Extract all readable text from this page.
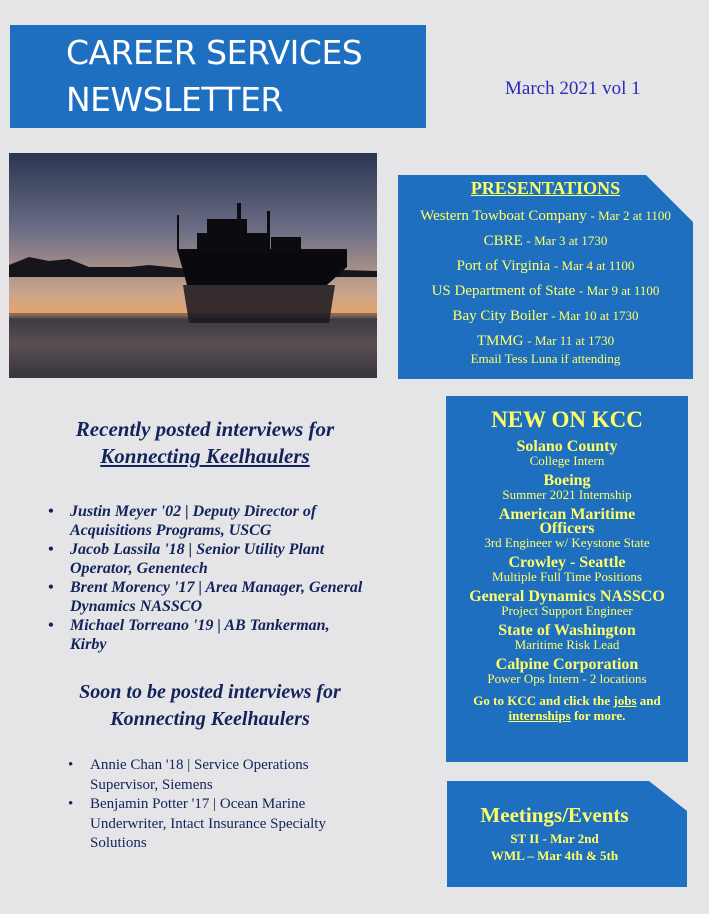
CAREER SERVICES
NEWSLETTER	March 2021 vol 1
PRESENTATIONS
Western Towboat Company - Mar 2 at 1100
CBRE - Mar 3 at 1730
Port of Virginia - Mar 4 at 1100
US Department of State - Mar 9 at 1100
Bay City Boiler - Mar 10 at 1730
TMMG - Mar 11 at 1730
Email Tess Luna if attending
Recently posted interviews for
Konnecting Keelhaulers
• Justin Meyer '02 | Deputy Director of Acquisitions Programs, USCG
• Jacob Lassila '18 | Senior Utility Plant Operator, Genentech
• Brent Morency '17 | Area Manager, General Dynamics NASSCO
• Michael Torreano '19 | AB Tankerman, Kirby
Soon to be posted interviews for
Konnecting Keelhaulers
• Annie Chan '18 | Service Operations Supervisor, Siemens
• Benjamin Potter '17 | Ocean Marine Underwriter, Intact Insurance Specialty Solutions
NEW ON KCC
Solano County
College Intern
Boeing
Summer 2021 Internship
American Maritime Officers
3rd Engineer w/ Keystone State
Crowley - Seattle
Multiple Full Time Positions
General Dynamics NASSCO
Project Support Engineer
State of Washington
Maritime Risk Lead
Calpine Corporation
Power Ops Intern - 2 locations
Go to KCC and click the jobs and internships for more.
Meetings/Events
ST II - Mar 2nd
WML – Mar 4th & 5th
